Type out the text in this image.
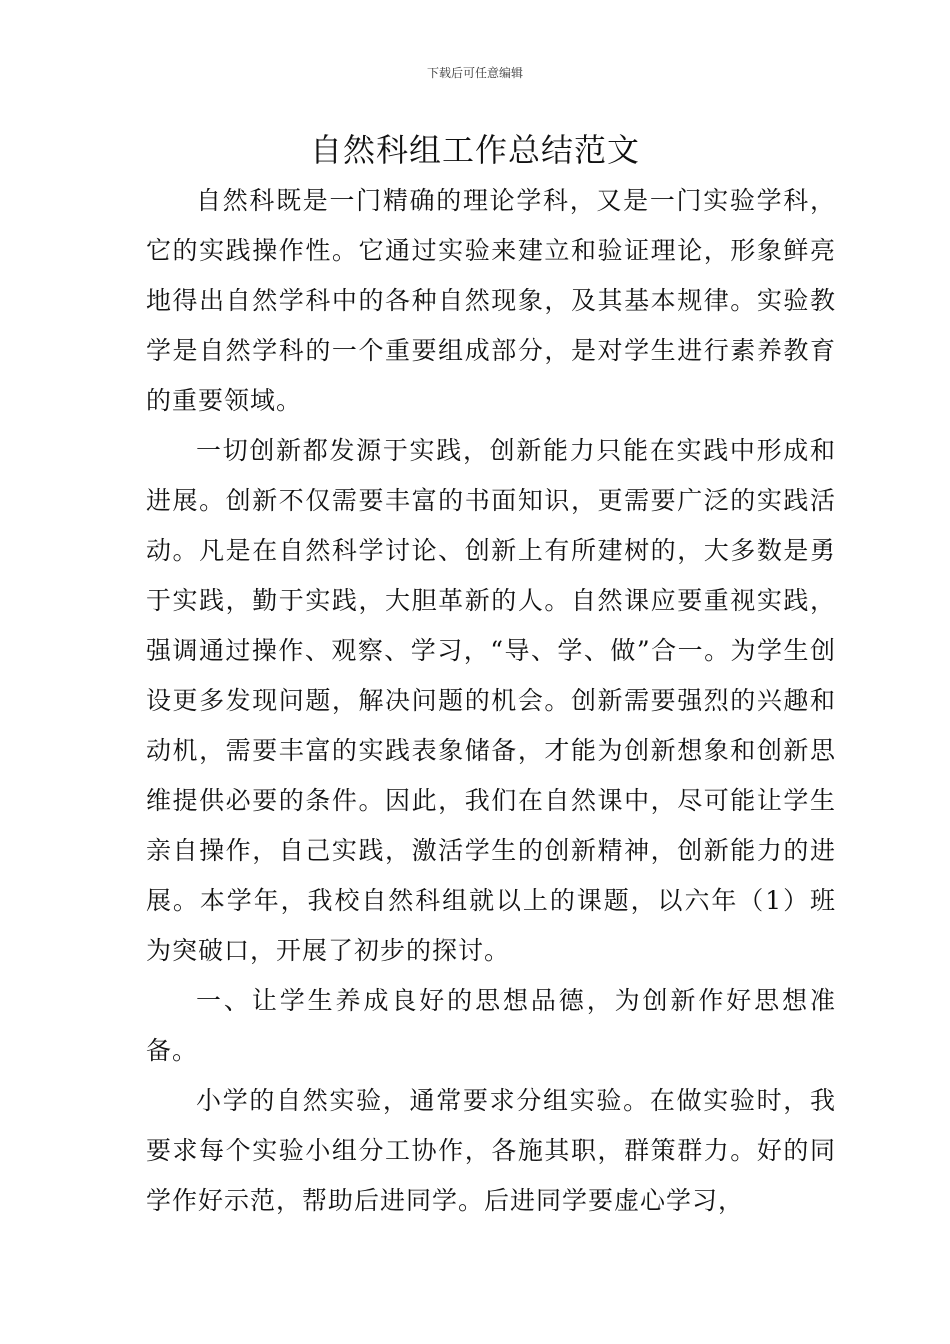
下载后可任意编辑
自然科组工作总结范文

自然科既是一门精确的理论学科，又是一门实验学科，它的实践操作性。它通过实验来建立和验证理论，形象鲜亮地得出自然学科中的各种自然现象，及其基本规律。实验教学是自然学科的一个重要组成部分，是对学生进行素养教育的重要领域。

一切创新都发源于实践，创新能力只能在实践中形成和进展。创新不仅需要丰富的书面知识，更需要广泛的实践活动。凡是在自然科学讨论、创新上有所建树的，大多数是勇于实践，勤于实践，大胆革新的人。自然课应要重视实践，强调通过操作、观察、学习，“导、学、做”合一。为学生创设更多发现问题，解决问题的机会。创新需要强烈的兴趣和动机，需要丰富的实践表象储备，才能为创新想象和创新思维提供必要的条件。因此，我们在自然课中，尽可能让学生亲自操作，自己实践，激活学生的创新精神，创新能力的进展。本学年，我校自然科组就以上的课题，以六年（1）班为突破口，开展了初步的探讨。

一、让学生养成良好的思想品德，为创新作好思想准备。

小学的自然实验，通常要求分组实验。在做实验时，我要求每个实验小组分工协作，各施其职，群策群力。好的同学作好示范，帮助后进同学。后进同学要虚心学习，
